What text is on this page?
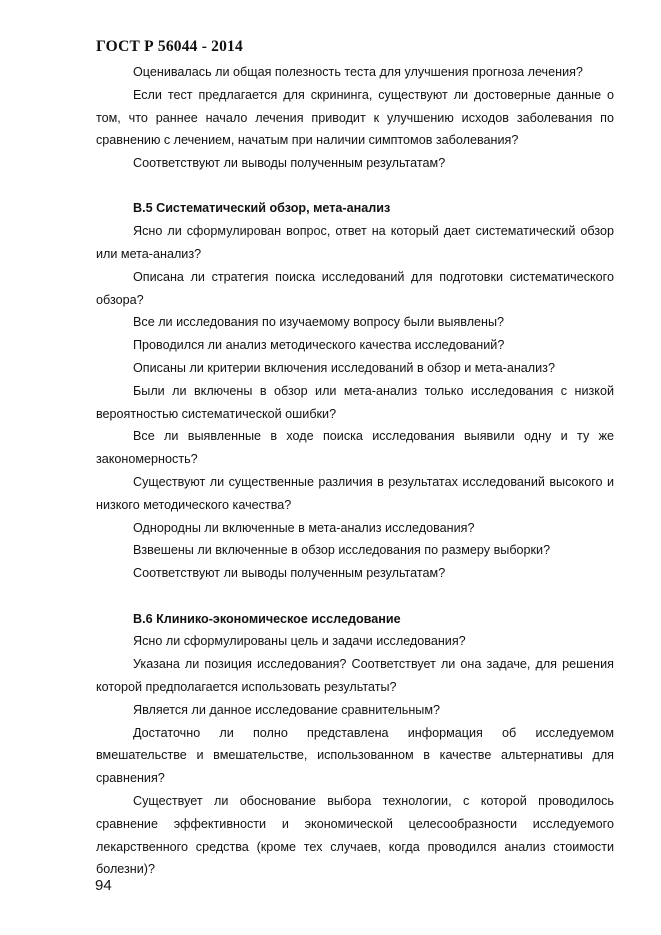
ГОСТ Р 56044 - 2014

Оценивалась ли общая полезность теста для улучшения прогноза лечения?

Если тест предлагается для скрининга, существуют ли достоверные данные о том, что раннее начало лечения приводит к улучшению исходов заболевания по сравнению с лечением, начатым при наличии симптомов заболевания?

Соответствуют ли выводы полученным результатам?

В.5 Систематический обзор, мета-анализ

Ясно ли сформулирован вопрос, ответ на который дает систематический обзор или мета-анализ?

Описана ли стратегия поиска исследований для подготовки систематического обзора?

Все ли исследования по изучаемому вопросу были выявлены?

Проводился ли анализ методического качества исследований?

Описаны ли критерии включения исследований в обзор и мета-анализ?

Были ли включены в обзор или мета-анализ только исследования с низкой вероятностью систематической ошибки?

Все ли выявленные в ходе поиска исследования выявили одну и ту же закономерность?

Существуют ли существенные различия в результатах исследований высокого и низкого методического качества?

Однородны ли включенные в мета-анализ исследования?

Взвешены ли включенные в обзор исследования по размеру выборки?

Соответствуют ли выводы полученным результатам?

В.6 Клинико-экономическое исследование

Ясно ли сформулированы цель и задачи исследования?

Указана ли позиция исследования? Соответствует ли она задаче, для решения которой предполагается использовать результаты?

Является ли данное исследование сравнительным?

Достаточно ли полно представлена информация об исследуемом вмешательстве и вмешательстве, использованном в качестве альтернативы для сравнения?

Существует ли обоснование выбора технологии, с которой проводилось сравнение эффективности и экономической целесообразности исследуемого лекарственного средства (кроме тех случаев, когда проводился анализ стоимости болезни)?

94
